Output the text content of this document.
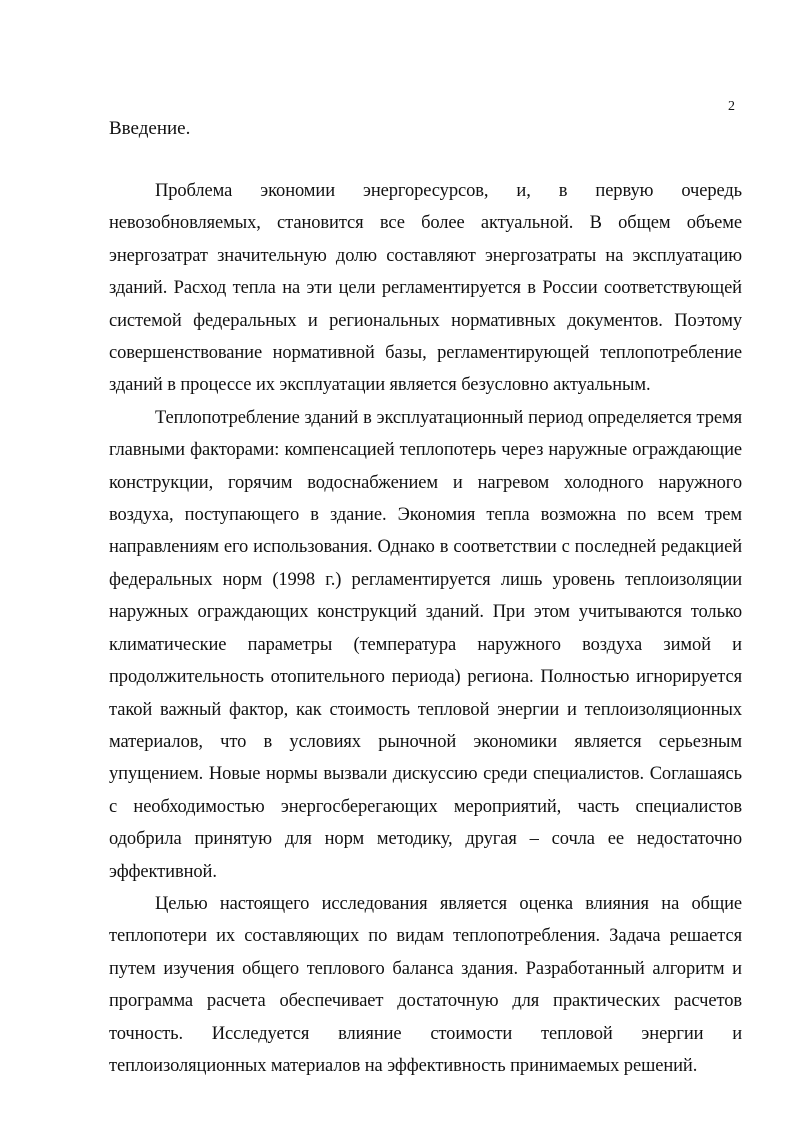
2
Введение.

Проблема экономии энергоресурсов, и, в первую очередь невозобновляемых, становится все более актуальной. В общем объеме энергозатрат значительную долю составляют энергозатраты на эксплуатацию зданий. Расход тепла на эти цели регламентируется в России соответствующей системой федеральных и региональных нормативных документов. Поэтому совершенствование нормативной базы, регламентирующей теплопотребление зданий в процессе их эксплуатации является безусловно актуальным.

Теплопотребление зданий в эксплуатационный период определяется тремя главными факторами: компенсацией теплопотерь через наружные ограждающие конструкции, горячим водоснабжением и нагревом холодного наружного воздуха, поступающего в здание. Экономия тепла возможна по всем трем направлениям его использования. Однако в соответствии с последней редакцией федеральных норм (1998 г.) регламентируется лишь уровень теплоизоляции наружных ограждающих конструкций зданий. При этом учитываются только климатические параметры (температура наружного воздуха зимой и продолжительность отопительного периода) региона. Полностью игнорируется такой важный фактор, как стоимость тепловой энергии и теплоизоляционных материалов, что в условиях рыночной экономики является серьезным упущением. Новые нормы вызвали дискуссию среди специалистов. Соглашаясь с необходимостью энергосберегающих мероприятий, часть специалистов одобрила принятую для норм методику, другая – сочла ее недостаточно эффективной.

Целью настоящего исследования является оценка влияния на общие теплопотери их составляющих по видам теплопотребления. Задача решается путем изучения общего теплового баланса здания. Разработанный алгоритм и программа расчета обеспечивает достаточную для практических расчетов точность. Исследуется влияние стоимости тепловой энергии и теплоизоляционных материалов на эффективность принимаемых решений.
